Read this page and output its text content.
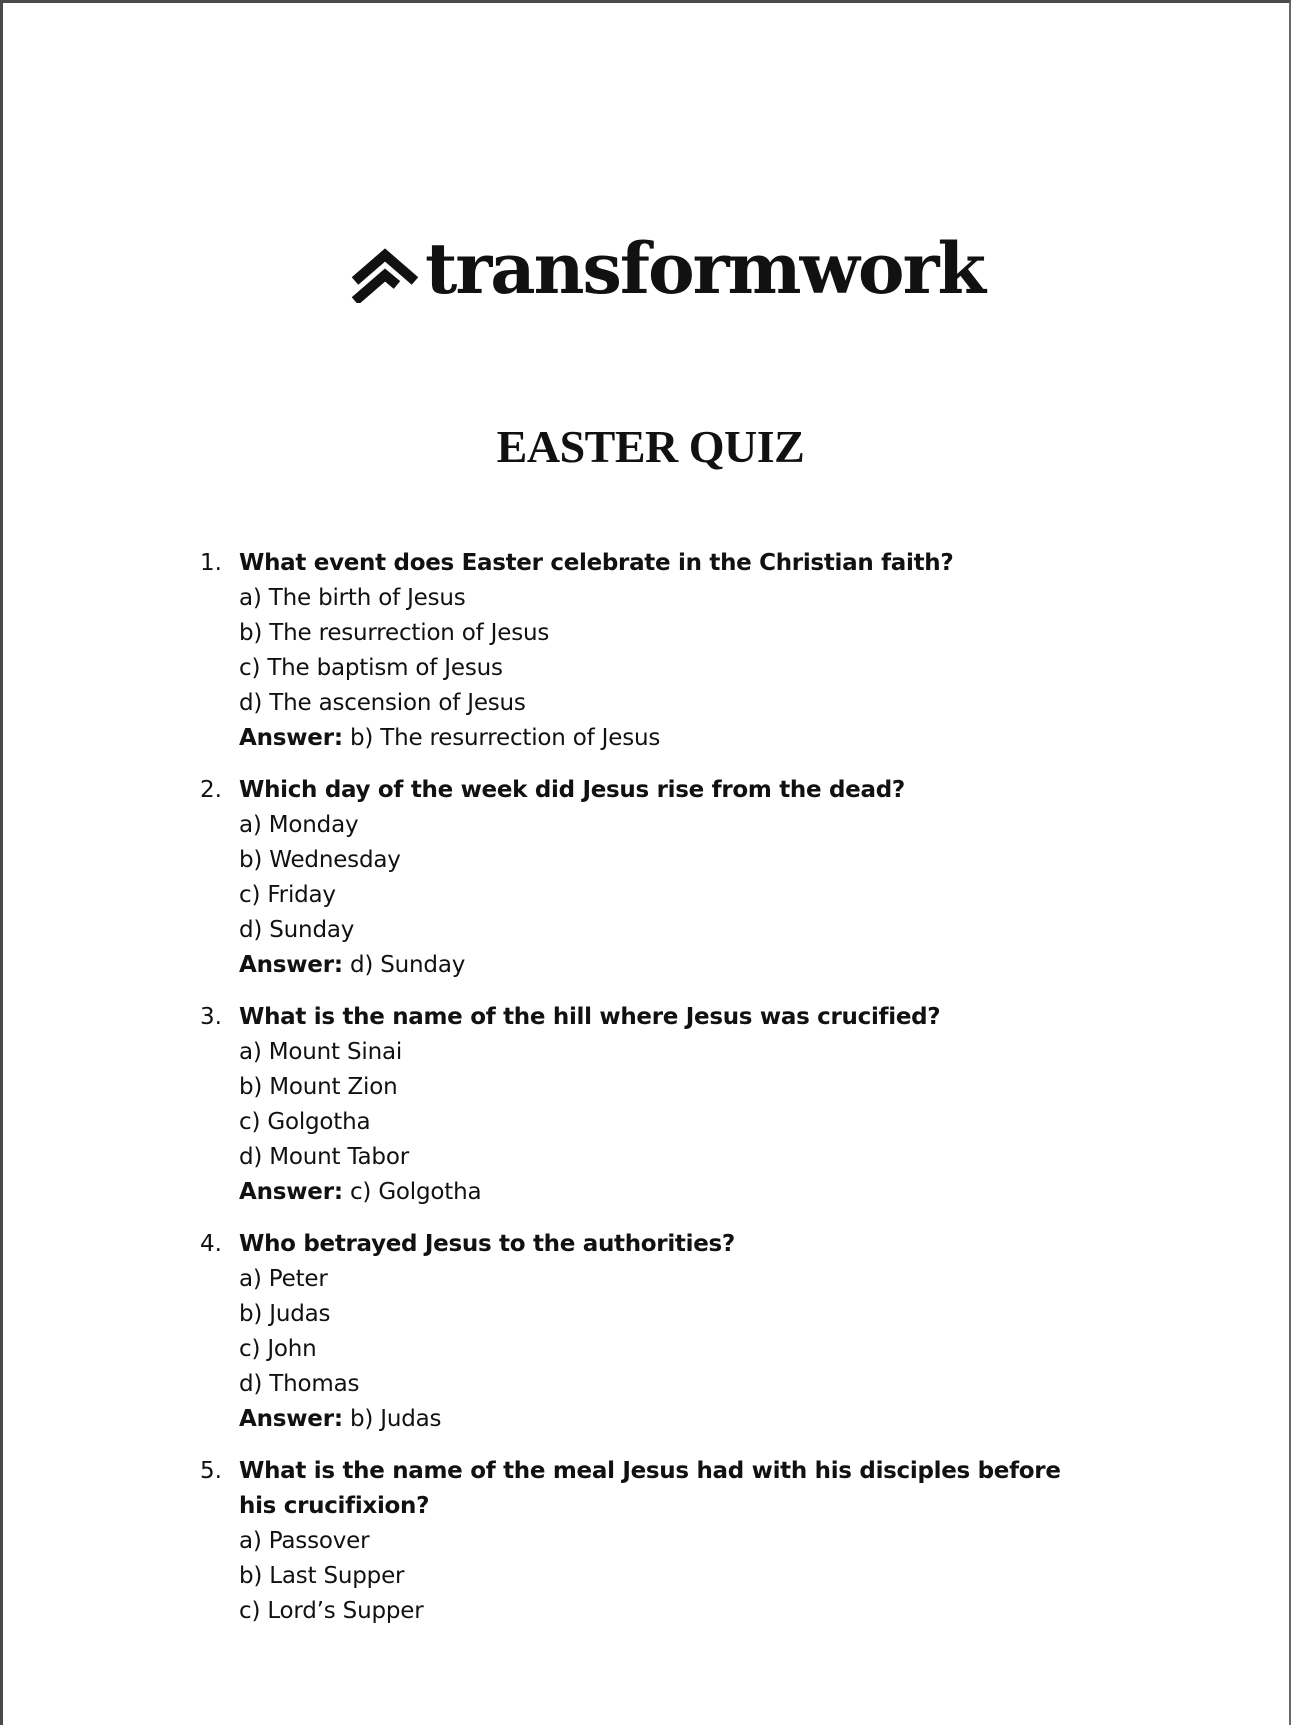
transformwork
EASTER QUIZ
1. What event does Easter celebrate in the Christian faith?
a) The birth of Jesus
b) The resurrection of Jesus
c) The baptism of Jesus
d) The ascension of Jesus
Answer: b) The resurrection of Jesus
2. Which day of the week did Jesus rise from the dead?
a) Monday
b) Wednesday
c) Friday
d) Sunday
Answer: d) Sunday
3. What is the name of the hill where Jesus was crucified?
a) Mount Sinai
b) Mount Zion
c) Golgotha
d) Mount Tabor
Answer: c) Golgotha
4. Who betrayed Jesus to the authorities?
a) Peter
b) Judas
c) John
d) Thomas
Answer: b) Judas
5. What is the name of the meal Jesus had with his disciples before his crucifixion?
a) Passover
b) Last Supper
c) Lord’s Supper
